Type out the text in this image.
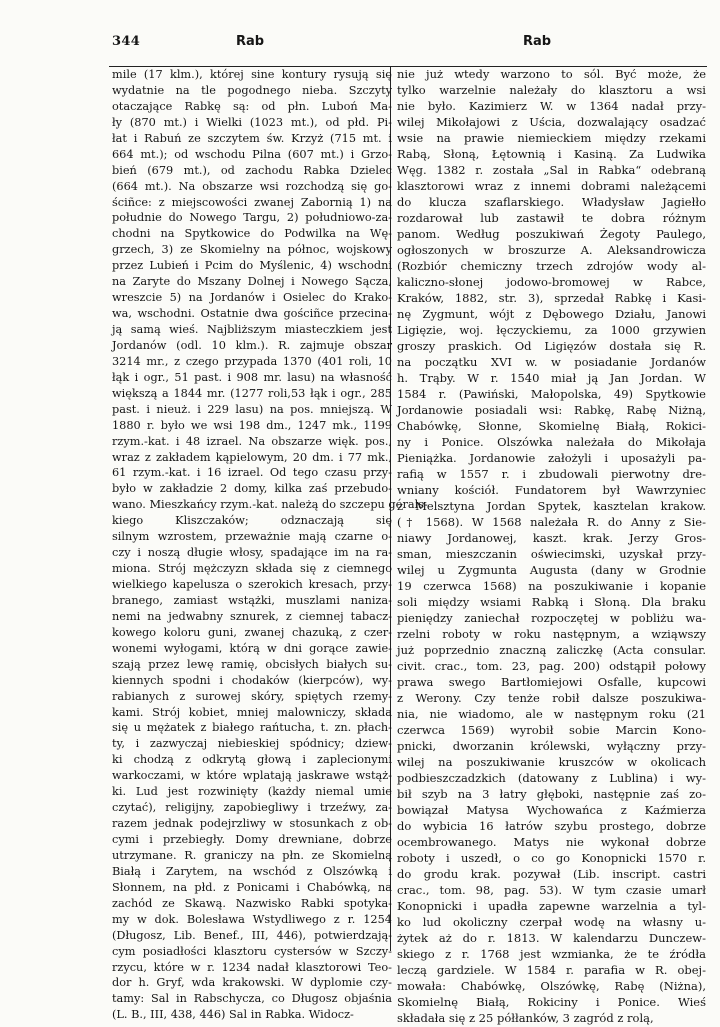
344	Rab	Rab
mile (17 klm.), której sine kontury rysują się
wydatnie na tle pogodnego nieba. Szczyty
otaczające Rabkę są: od płn. Luboń Ma-
ły (870 mt.) i Wielki (1023 mt.), od płd. Pi-
łat i Rabuń ze szczytem św. Krzyż (715 mt. i
664 mt.); od wschodu Pilna (607 mt.) i Grzo-
bień (679 mt.), od zachodu Rabka Dzielec
(664 mt.). Na obszarze wsi rozchodzą się go-
ściñce: z miejscowości zwanej Zabornią 1) na
południe do Nowego Targu, 2) południowo-za-
chodni na Spytkowice do Podwilka na Wę-
grzech, 3) ze Skomielny na północ, wojskowy
przez Lubień i Pcim do Myślenic, 4) wschodni
na Zaryte do Mszany Dolnej i Nowego Sącza,
wreszcie 5) na Jordanów i Osielec do Krako-
wa, wschodni. Ostatnie dwa gościñce przecina-
ją samą wieś. Najbliższym miasteczkiem jest
Jordanów (odl. 10 klm.). R. zajmuje obszar
3214 mr., z czego przypada 1370 (401 roli, 10
łąk i ogr., 51 past. i 908 mr. lasu) na własność
większą a 1844 mr. (1277 roli,53 łąk i ogr., 285
past. i nieuż. i 229 lasu) na pos. mniejszą. W
1880 r. było we wsi 198 dm., 1247 mk., 1199
rzym.-kat. i 48 izrael. Na obszarze więk. pos.,
wraz z zakładem kąpielowym, 20 dm. i 77 mk.,
61 rzym.-kat. i 16 izrael. Od tego czasu przy-
było w zakładzie 2 domy, kilka zaś przebudo-
wano. Mieszkańcy rzym.-kat. należą do szczepu górals-
kiego Kliszczaków; odznaczają się
silnym wzrostem, przeważnie mają czarne o-
czy i noszą długie włosy, spadające im na ra-
miona. Strój mężczyzn składa się z ciemnego
wielkiego kapelusza o szerokich kresach, przy-
branego, zamiast wstążki, muszlami naniza-
nemi na jedwabny sznurek, z ciemnej tabacz-
kowego koloru guni, zwanej chazuką, z czer-
wonemi wyłogami, którą w dni gorące zawie-
szają przez lewę ramię, obcisłych białych su-
kiennych spodni i chodaków (kierpców), wy-
rabianych z surowej skóry, spiętych rzemy-
kami. Strój kobiet, mniej malowniczy, składa
się u mężatek z białego rańtucha, t. zn. płach-
ty, i zazwyczaj niebieskiej spódnicy; dziew-
ki chodzą z odkrytą głową i zaplecionymi
warkoczami, w które wplatają jaskrawe wstąż-
ki. Lud jest rozwinięty (każdy niemal umie
czytać), religijny, zapobiegliwy i trzeźwy, za-
razem jednak podejrzliwy w stosunkach z ob-
cymi i przebiegły. Domy drewniane, dobrze
utrzymane. R. graniczy na płn. ze Skomielną
Białą i Zarytem, na wschód z Olszówką i
Słonnem, na płd. z Ponicami i Chabówką, na
zachód ze Skawą. Nazwisko Rabki spotyka-
my w dok. Bolesława Wstydliwego z r. 1254
(Długosz, Lib. Benef., III, 446), potwierdzają-
cym posiadłości klasztoru cystersów w Szczy-
rzycu, które w r. 1234 nadał klasztorowi Teo-
dor h. Gryf, wda krakowski. W dyplomie czy-
tamy: Sal in Rabschycza, co Długosz objaśnia
(L. B., III, 438, 446) Sal in Rabka. Widocz-
nie już wtedy warzono to sól. Być może, że
tylko warzelnie należały do klasztoru a wsi
nie było. Kazimierz W. w 1364 nadał przy-
wilej Mikołajowi z Uścia, dozwalający osadzać
wsie na prawie niemieckiem między rzekami
Rabą, Słoną, Łętownią i Kasiną. Za Ludwika
Węg. 1382 r. została „Sal in Rabka“ odebraną
klasztorowi wraz z innemi dobrami należącemi
do klucza szaflarskiego. Władysław Jagiełło
rozdarował lub zastawił te dobra różnym
panom. Według poszukiwań Żegoty Paulego,
ogłoszonych w broszurze A. Aleksandrowicza
(Rozbiór chemiczny trzech zdrojów wody al-
kaliczno-słonej jodowo-bromowej w Rabce,
Kraków, 1882, str. 3), sprzedał Rabkę i Kasi-
nę Zygmunt, wójt z Dębowego Działu, Janowi
Ligięzie, woj. łęczyckiemu, za 1000 grzywien
groszy praskich. Od Ligięzów dostała się R.
na początku XVI w. w posiadanie Jordanów
h. Trąby. W r. 1540 miał ją Jan Jordan. W
1584 r. (Pawiński, Małopolska, 49) Spytkowie
Jordanowie posiadali wsi: Rabkę, Rabę Niżną,
Chabówkę, Słonne, Skomielnę Białą, Rokici-
ny i Ponice. Olszówka należała do Mikołaja
Pieniążka. Jordanowie założyli i uposażyli pa-
rafią w 1557 r. i zbudowali pierwotny dre-
wniany kościół. Fundatorem był Wawrzyniec
z Melsztyna Jordan Spytek, kasztelan krakow.
(† 1568). W 1568 należała R. do Anny z Sie-
niawy Jordanowej, kaszt. krak. Jerzy Gros-
sman, mieszczanin oświecimski, uzyskał przy-
wilej u Zygmunta Augusta (dany w Grodnie
19 czerwca 1568) na poszukiwanie i kopanie
soli między wsiami Rabką i Słoną. Dla braku
pieniędzy zaniechał rozpoczętej w pobliżu wa-
rzelni roboty w roku następnym, a wziąwszy
już poprzednio znaczną zaliczkę (Acta consular.
civit. crac., tom. 23, pag. 200) odstąpił połowy
prawa swego Bartłomiejowi Osfalle, kupcowi
z Werony. Czy tenże robił dalsze poszukiwa-
nia, nie wiadomo, ale w następnym roku (21
czerwca 1569) wyrobił sobie Marcin Kono-
pnicki, dworzanin królewski, wyłączny przy-
wilej na poszukiwanie kruszców w okolicach
podbieszczadzkich (datowany z Lublina) i wy-
bił szyb na 3 łatry głęboki, następnie zaś zo-
bowiązał Matysa Wychowańca z Kaźmierza
do wybicia 16 łatrów szybu prostego, dobrze
ocembrowanego. Matys nie wykonał dobrze
roboty i uszedł, o co go Konopnicki 1570 r.
do grodu krak. pozywał (Lib. inscript. castri
crac., tom. 98, pag. 53). W tym czasie umarł
Konopnicki i upadła zapewne warzelnia a tyl-
ko lud okoliczny czerpał wodę na własny u-
żytek aż do r. 1813. W kalendarzu Dunczew-
skiego z r. 1768 jest wzmianka, że te źródła
leczą gardziele. W 1584 r. parafia w R. obej-
mowała: Chabówkę, Olszówkę, Rabę (Niżna),
Skomielnę Białą, Rokiciny i Ponice. Wieś
składała się z 25 półłanków, 3 zagród z rolą,
